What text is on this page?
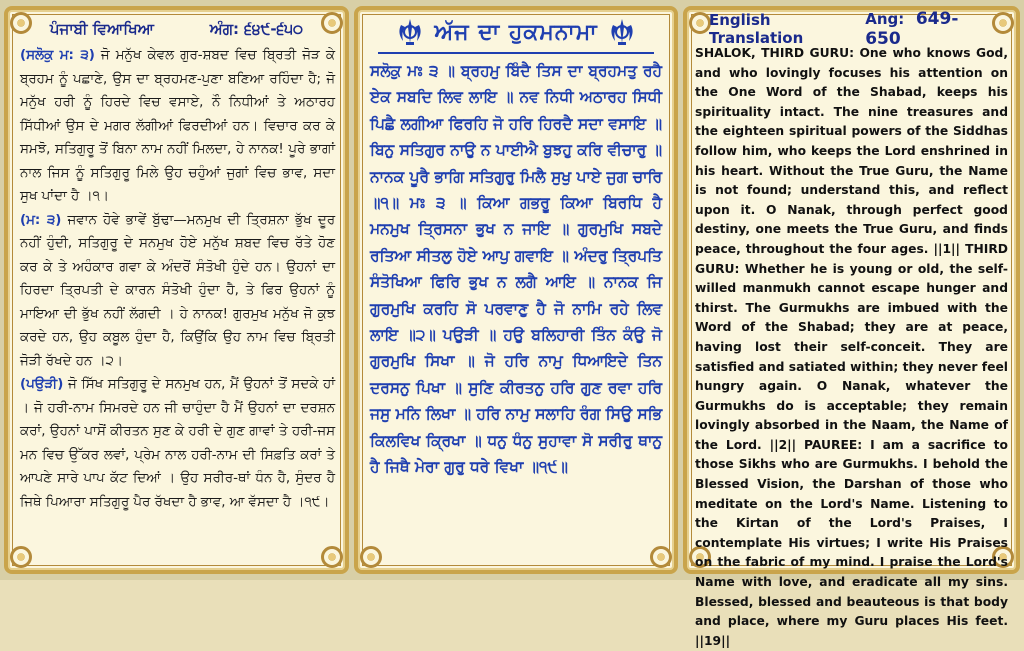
ਪੰਜਾਬੀ ਵਿਆਖਿਆ	ਅੰਗ: ੬੪੯-੬੫੦

(ਸਲੋਕੁ ਮ: ੩) ਜੋ ਮਨੁੱਖ ਕੇਵਲ ਗੁਰ-ਸ਼ਬਦ ਵਿਚ ਬ੍ਰਿਤੀ ਜੋੜ ਕੇ ਬ੍ਰਹਮ ਨੂੰ ਪਛਾਣੇ, ਉਸ ਦਾ ਬ੍ਰਹਮਣ-ਪੁਣਾ ਬਣਿਆ ਰਹਿੰਦਾ ਹੈ; ਜੋ ਮਨੁੱਖ ਹਰੀ ਨੂੰ ਹਿਰਦੇ ਵਿਚ ਵਸਾਏ, ਨੌ ਨਿਧੀਆਂ ਤੇ ਅਠਾਰਹ ਸਿੱਧੀਆਂ ਉਸ ਦੇ ਮਗਰ ਲੱਗੀਆਂ ਫਿਰਦੀਆਂ ਹਨ। ਵਿਚਾਰ ਕਰ ਕੇ ਸਮਝੋ, ਸਤਿਗੁਰੂ ਤੋਂ ਬਿਨਾ ਨਾਮ ਨਹੀਂ ਮਿਲਦਾ, ਹੇ ਨਾਨਕ! ਪੂਰੇ ਭਾਗਾਂ ਨਾਲ ਜਿਸ ਨੂੰ ਸਤਿਗੁਰੂ ਮਿਲੇ ਉਹ ਚਹੁੰਆਂ ਜੁਗਾਂ ਵਿਚ ਭਾਵ, ਸਦਾ ਸੁਖ ਪਾਂਦਾ ਹੈ ।੧।

(ਮ: ੩) ਜਵਾਨ ਹੋਵੇ ਭਾਵੇਂ ਬੁੱਢਾ—ਮਨਮੁਖ ਦੀ ਤ੍ਰਿਸ਼ਨਾ ਭੁੱਖ ਦੂਰ ਨਹੀਂ ਹੁੰਦੀ, ਸਤਿਗੁਰੂ ਦੇ ਸਨਮੁਖ ਹੋਏ ਮਨੁੱਖ ਸ਼ਬਦ ਵਿਚ ਰੱਤੇ ਹੋਣ ਕਰ ਕੇ ਤੇ ਅਹੰਕਾਰ ਗਵਾ ਕੇ ਅੰਦਰੋਂ ਸੰਤੋਖੀ ਹੁੰਦੇ ਹਨ। ਉਹਨਾਂ ਦਾ ਹਿਰਦਾ ਤ੍ਰਿਪਤੀ ਦੇ ਕਾਰਨ ਸੰਤੋਖੀ ਹੁੰਦਾ ਹੈ, ਤੇ ਫਿਰ ਉਹਨਾਂ ਨੂੰ ਮਾਇਆ ਦੀ ਭੁੱਖ ਨਹੀਂ ਲੱਗਦੀ । ਹੇ ਨਾਨਕ! ਗੁਰਮੁਖ ਮਨੁੱਖ ਜੋ ਕੁਝ ਕਰਦੇ ਹਨ, ਉਹ ਕਬੂਲ ਹੁੰਦਾ ਹੈ, ਕਿਉਂਕਿ ਉਹ ਨਾਮ ਵਿਚ ਬ੍ਰਿਤੀ ਜੋੜੀ ਰੱਖਦੇ ਹਨ ।੨।

(ਪਉੜੀ) ਜੋ ਸਿੱਖ ਸਤਿਗੁਰੂ ਦੇ ਸਨਮੁਖ ਹਨ, ਮੈਂ ਉਹਨਾਂ ਤੋਂ ਸਦਕੇ ਹਾਂ । ਜੋ ਹਰੀ-ਨਾਮ ਸਿਮਰਦੇ ਹਨ ਜੀ ਚਾਹੁੰਦਾ ਹੈ ਮੈਂ ਉਹਨਾਂ ਦਾ ਦਰਸ਼ਨ ਕਰਾਂ, ਉਹਨਾਂ ਪਾਸੋਂ ਕੀਰਤਨ ਸੁਣ ਕੇ ਹਰੀ ਦੇ ਗੁਣ ਗਾਵਾਂ ਤੇ ਹਰੀ-ਜਸ ਮਨ ਵਿਚ ਉੱਕਰ ਲਵਾਂ, ਪ੍ਰੇਮ ਨਾਲ ਹਰੀ-ਨਾਮ ਦੀ ਸਿਫ਼ਤਿ ਕਰਾਂ ਤੇ ਆਪਣੇ ਸਾਰੇ ਪਾਪ ਕੱਟ ਦਿਆਂ । ਉਹ ਸਰੀਰ-ਥਾਂ ਧੰਨ ਹੈ, ਸੁੰਦਰ ਹੈ ਜਿਥੇ ਪਿਆਰਾ ਸਤਿਗੁਰੂ ਪੈਰ ਰੱਖਦਾ ਹੈ ਭਾਵ, ਆ ਵੱਸਦਾ ਹੈ ।੧੯।

ਅੱਜ ਦਾ ਹੁਕਮਨਾਮਾ
ਸਲੋਕੁ ਮਃ ੩ ॥ ਬ੍ਰਹਮੁ ਬਿੰਦੈ ਤਿਸ ਦਾ ਬ੍ਰਹਮਤੁ ਰਹੈ ਏਕ ਸਬਦਿ ਲਿਵ ਲਾਇ ॥ ਨਵ ਨਿਧੀ ਅਠਾਰਹ ਸਿਧੀ ਪਿਛੈ ਲਗੀਆ ਫਿਰਹਿ ਜੋ ਹਰਿ ਹਿਰਦੈ ਸਦਾ ਵਸਾਇ ॥ ਬਿਨੁ ਸਤਿਗੁਰ ਨਾਉ ਨ ਪਾਈਐ ਬੁਝਹੁ ਕਰਿ ਵੀਚਾਰੁ ॥ ਨਾਨਕ ਪੂਰੈ ਭਾਗਿ ਸਤਿਗੁਰੁ ਮਿਲੈ ਸੁਖੁ ਪਾਏ ਜੁਗ ਚਾਰਿ ॥੧॥ ਮਃ ੩ ॥ ਕਿਆ ਗਭਰੂ ਕਿਆ ਬਿਰਧਿ ਹੈ ਮਨਮੁਖ ਤ੍ਰਿਸਨਾ ਭੁਖ ਨ ਜਾਇ ॥ ਗੁਰਮੁਖਿ ਸਬਦੇ ਰਤਿਆ ਸੀਤਲੁ ਹੋਏ ਆਪੁ ਗਵਾਇ ॥ ਅੰਦਰੁ ਤ੍ਰਿਪਤਿ ਸੰਤੋਖਿਆ ਫਿਰਿ ਭੁਖ ਨ ਲਗੈ ਆਇ ॥ ਨਾਨਕ ਜਿ ਗੁਰਮੁਖਿ ਕਰਹਿ ਸੋ ਪਰਵਾਣੁ ਹੈ ਜੋ ਨਾਮਿ ਰਹੇ ਲਿਵ ਲਾਇ ॥੨॥ ਪਉੜੀ ॥ ਹਉ ਬਲਿਹਾਰੀ ਤਿੰਨ ਕੰਉ ਜੋ ਗੁਰਮੁਖਿ ਸਿਖਾ ॥ ਜੋ ਹਰਿ ਨਾਮੁ ਧਿਆਇਦੇ ਤਿਨ ਦਰਸਨੁ ਪਿਖਾ ॥ ਸੁਣਿ ਕੀਰਤਨੁ ਹਰਿ ਗੁਣ ਰਵਾ ਹਰਿ ਜਸੁ ਮਨਿ ਲਿਖਾ ॥ ਹਰਿ ਨਾਮੁ ਸਲਾਹਿ ਰੰਗ ਸਿਉ ਸਭਿ ਕਿਲਵਿਖ ਕ੍ਰਿਖਾ ॥ ਧਨੁ ਧੰਨੁ ਸੁਹਾਵਾ ਸੋ ਸਰੀਰੁ ਥਾਨੁ ਹੈ ਜਿਥੈ ਮੇਰਾ ਗੁਰੁ ਧਰੇ ਵਿਖਾ ॥੧੯॥
English Translation
Ang: 649-650
SHALOK, THIRD GURU: One who knows God, and who lovingly focuses his attention on the One Word of the Shabad, keeps his spirituality intact. The nine treasures and the eighteen spiritual powers of the Siddhas follow him, who keeps the Lord enshrined in his heart. Without the True Guru, the Name is not found; understand this, and reflect upon it. O Nanak, through perfect good destiny, one meets the True Guru, and finds peace, throughout the four ages. ||1|| THIRD GURU: Whether he is young or old, the self-willed manmukh cannot escape hunger and thirst. The Gurmukhs are imbued with the Word of the Shabad; they are at peace, having lost their self-conceit. They are satisfied and satiated within; they never feel hungry again. O Nanak, whatever the Gurmukhs do is acceptable; they remain lovingly absorbed in the Naam, the Name of the Lord. ||2|| PAUREE: I am a sacrifice to those Sikhs who are Gurmukhs. I behold the Blessed Vision, the Darshan of those who meditate on the Lord's Name. Listening to the Kirtan of the Lord's Praises, I contemplate His virtues; I write His Praises on the fabric of my mind. I praise the Lord's Name with love, and eradicate all my sins. Blessed, blessed and beauteous is that body and place, where my Guru places His feet. ||19||
